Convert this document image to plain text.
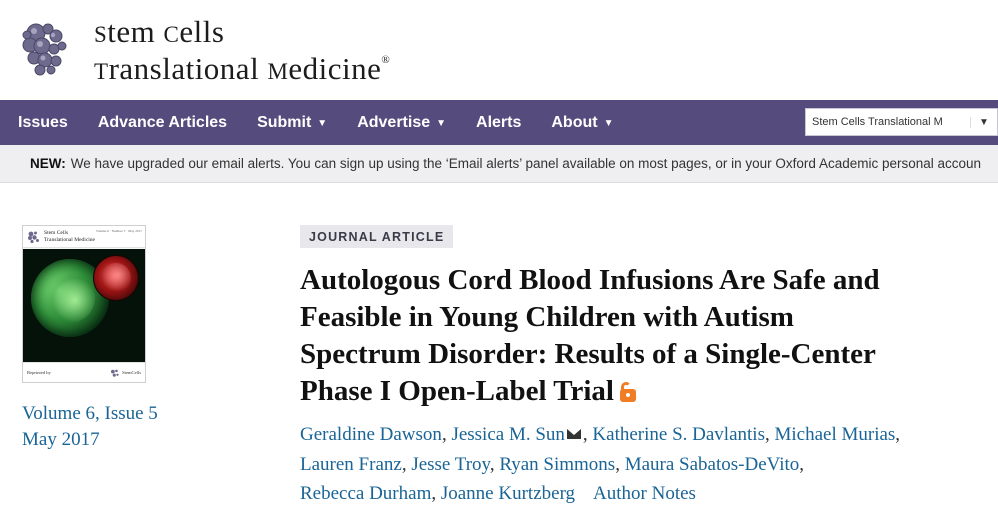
Stem Cells
Translational Medicine®
Issues Advance Articles Submit ▼ Advertise ▼ Alerts About ▼	Stem Cells Translational M	▼
NEW: We have upgraded our email alerts. You can sign up using the ‘Email alerts’ panel available on most pages, or in your Oxford Academic personal accoun
Stem Cells
Translational Medicine
Volume 6 · Number 5 · May 2017
Reprinted by	StemCells
Volume 6, Issue 5
May 2017
JOURNAL ARTICLE
Autologous Cord Blood Infusions Are Safe and Feasible in Young Children with Autism Spectrum Disorder: Results of a Single-Center Phase I Open-Label Trial
Geraldine Dawson, Jessica M. Sun , Katherine S. Davlantis, Michael Murias,
Lauren Franz, Jesse Troy, Ryan Simmons, Maura Sabatos-DeVito,
Rebecca Durham, Joanne Kurtzberg Author Notes
